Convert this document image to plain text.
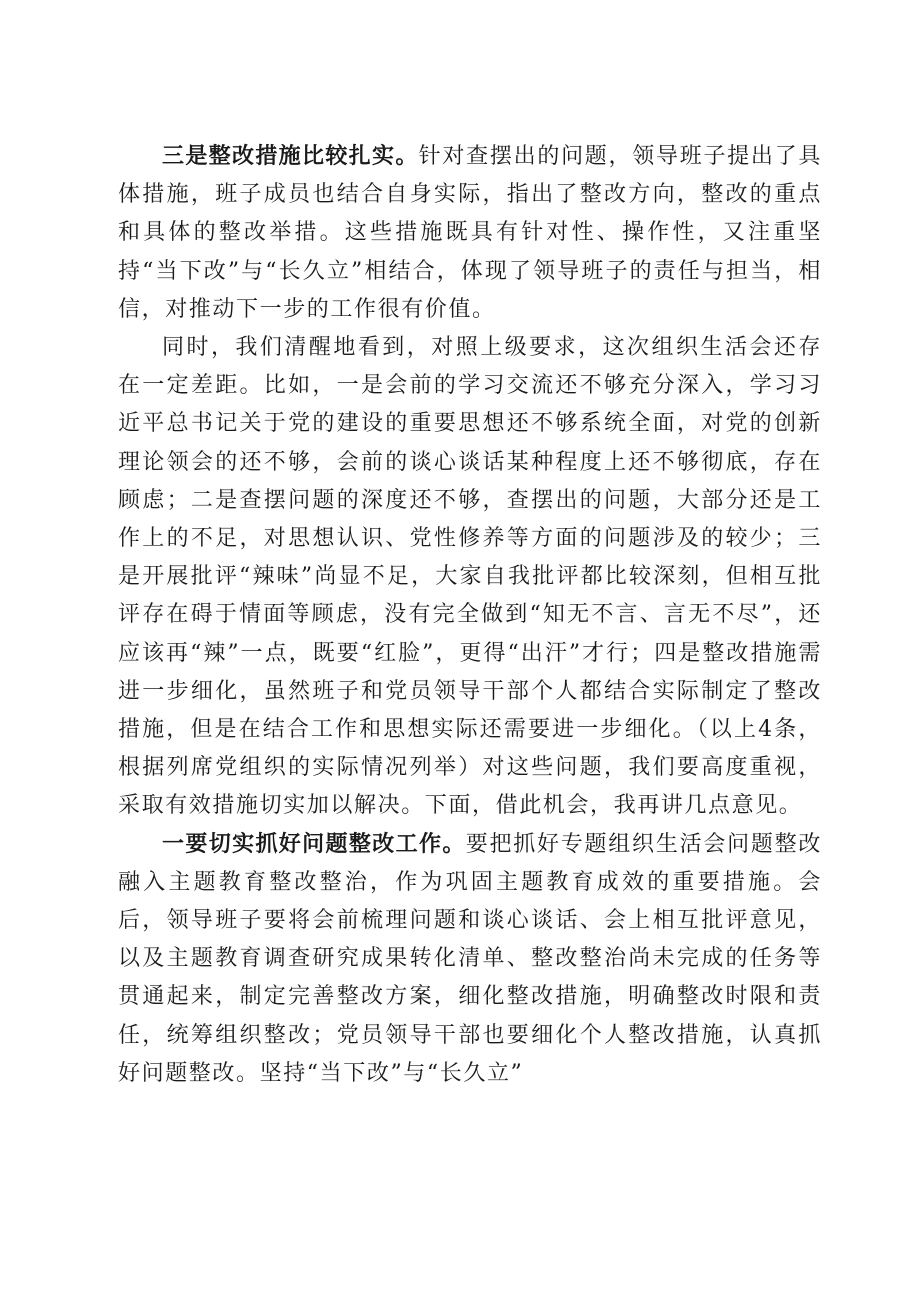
三是整改措施比较扎实。针对查摆出的问题，领导班子提出了具体措施，班子成员也结合自身实际，指出了整改方向，整改的重点和具体的整改举措。这些措施既具有针对性、操作性，又注重坚持“当下改”与“长久立”相结合，体现了领导班子的责任与担当，相信，对推动下一步的工作很有价值。

同时，我们清醒地看到，对照上级要求，这次组织生活会还存在一定差距。比如，一是会前的学习交流还不够充分深入，学习习近平总书记关于党的建设的重要思想还不够系统全面，对党的创新理论领会的还不够，会前的谈心谈话某种程度上还不够彻底，存在顾虑；二是查摆问题的深度还不够，查摆出的问题，大部分还是工作上的不足，对思想认识、党性修养等方面的问题涉及的较少；三是开展批评“辣味”尚显不足，大家自我批评都比较深刻，但相互批评存在碍于情面等顾虑，没有完全做到“知无不言、言无不尽”，还应该再“辣”一点，既要“红脸”，更得“出汗”才行；四是整改措施需进一步细化，虽然班子和党员领导干部个人都结合实际制定了整改措施，但是在结合工作和思想实际还需要进一步细化。（以上4条，根据列席党组织的实际情况列举）对这些问题，我们要高度重视，采取有效措施切实加以解决。下面，借此机会，我再讲几点意见。

一要切实抓好问题整改工作。要把抓好专题组织生活会问题整改融入主题教育整改整治，作为巩固主题教育成效的重要措施。会后，领导班子要将会前梳理问题和谈心谈话、会上相互批评意见，以及主题教育调查研究成果转化清单、整改整治尚未完成的任务等贯通起来，制定完善整改方案，细化整改措施，明确整改时限和责任，统筹组织整改；党员领导干部也要细化个人整改措施，认真抓好问题整改。坚持“当下改”与“长久立”
